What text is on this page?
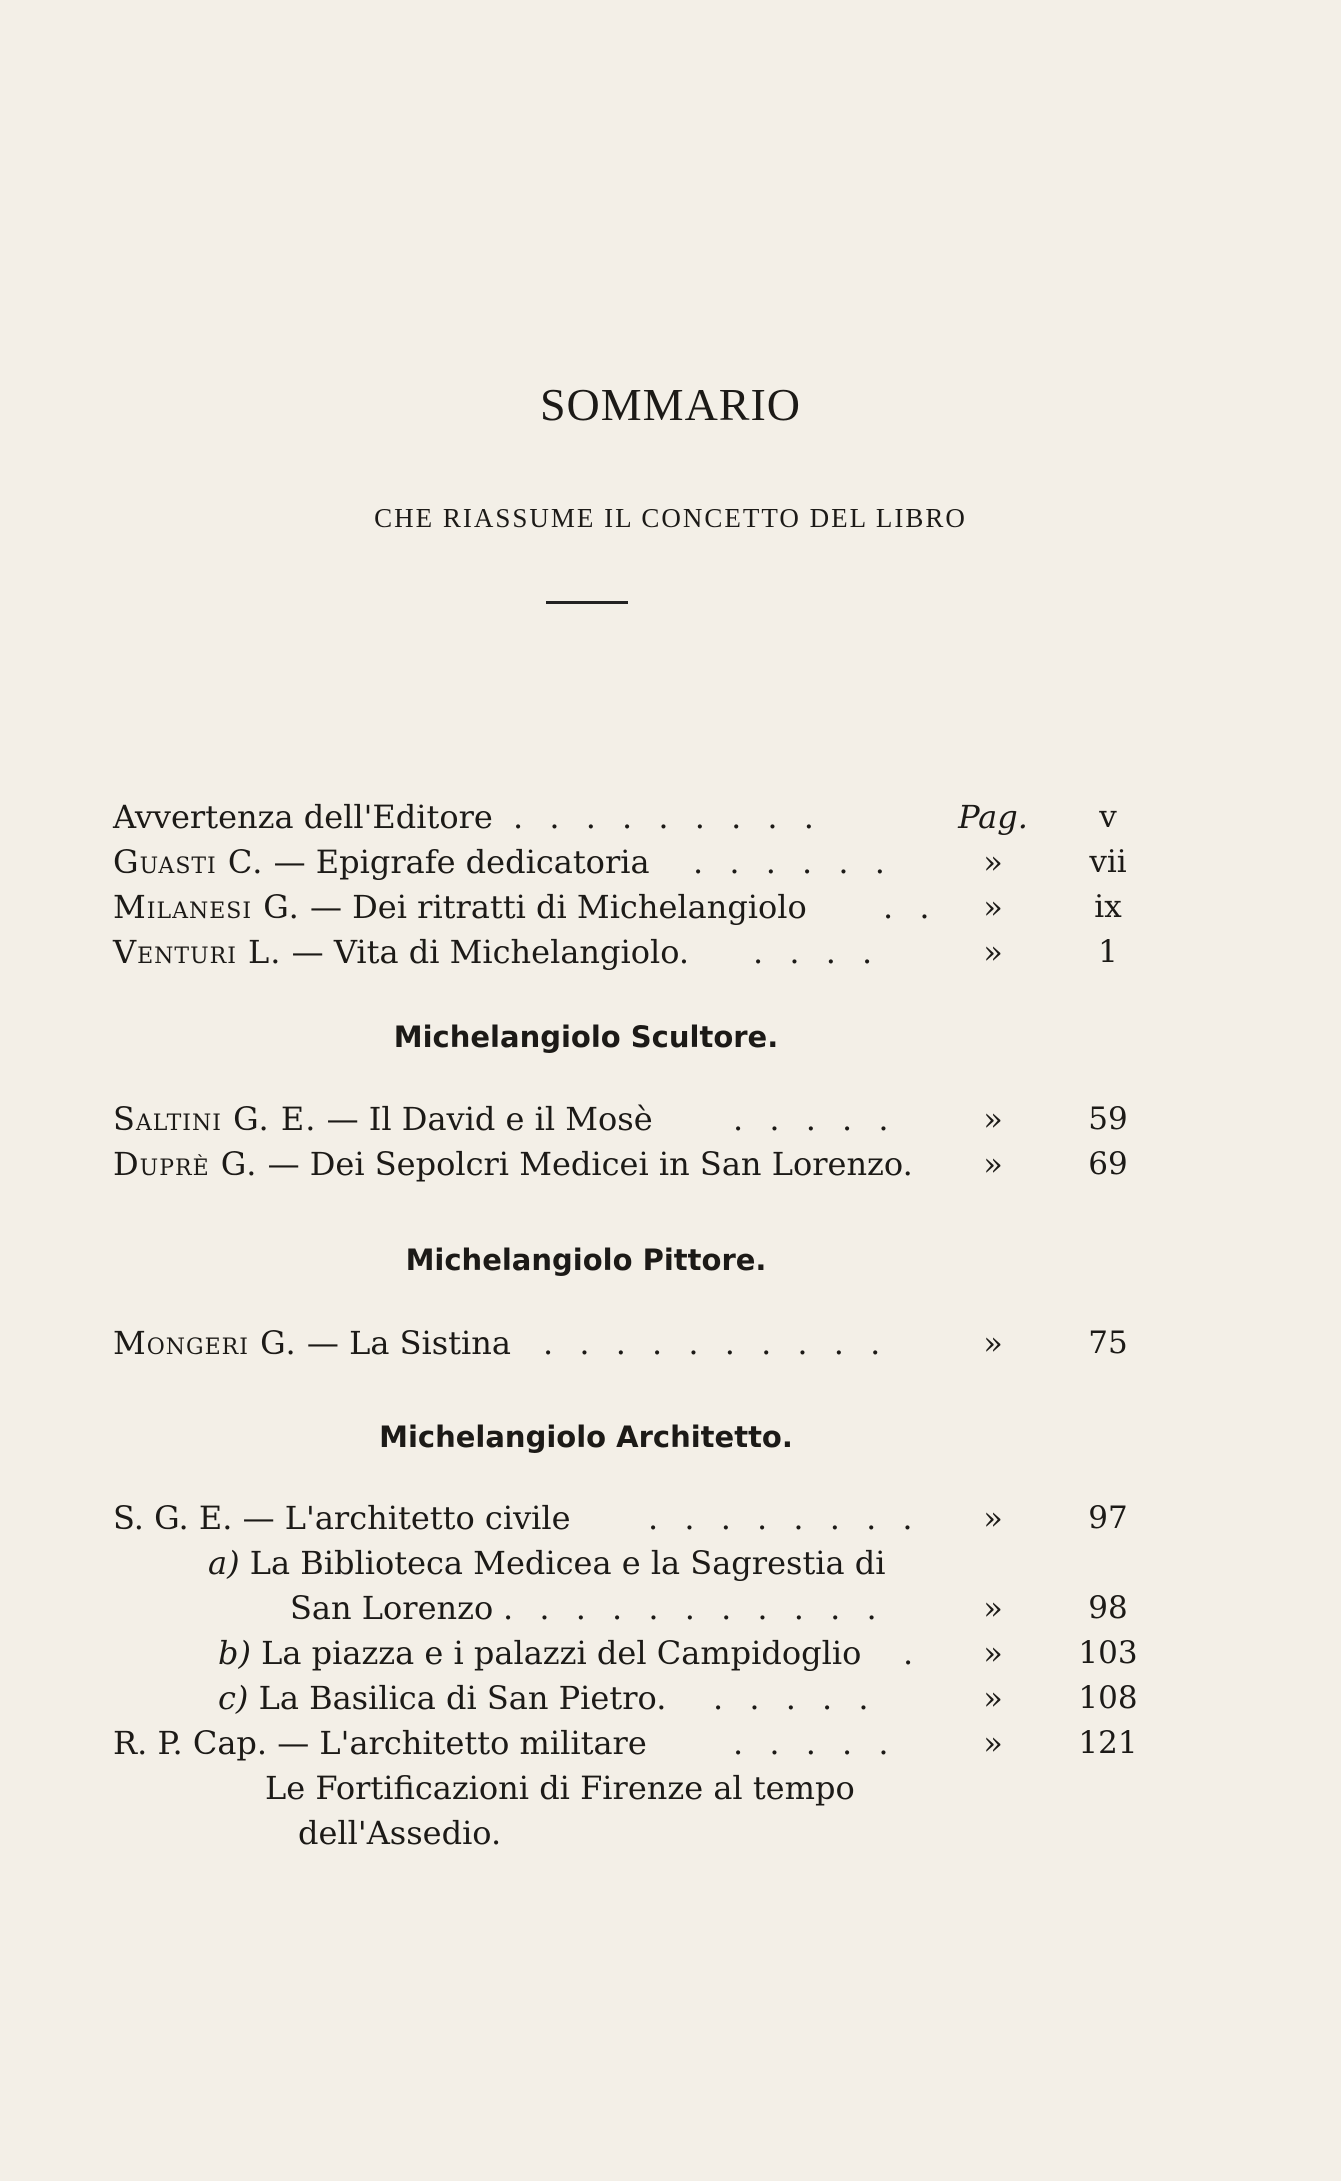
SOMMARIO
CHE RIASSUME IL CONCETTO DEL LIBRO
Avvertenza dell'Editore . . . . . . . . .	Pag.	v
Guasti C. — Epigrafe dedicatoria . . . . . .	»	vii
Milanesi G. — Dei ritratti di Michelangiolo . .	»	ix
Venturi L. — Vita di Michelangiolo. . . . .	»	1
Michelangiolo Scultore.
Saltini G. E. — Il David e il Mosè	. . . . .	»	59
Duprè G. — Dei Sepolcri Medicei in San Lorenzo.	»	69
Michelangiolo Pittore.
Mongeri G. — La Sistina . . . . . . . . . .	»	75
Michelangiolo Architetto.
S. G. E. — L'architetto civile . . . . . . . .	»	97
a) La Biblioteca Medicea e la Sagrestia di
San Lorenzo . . . . . . . . . . .	»	98
b) La piazza e i palazzi del Campidoglio .	»	103
c) La Basilica di San Pietro. . . . . .	»	108
R. P. Cap. — L'architetto militare	. . . . .	»	121
Le Fortificazioni di Firenze al tempo
dell'Assedio.
